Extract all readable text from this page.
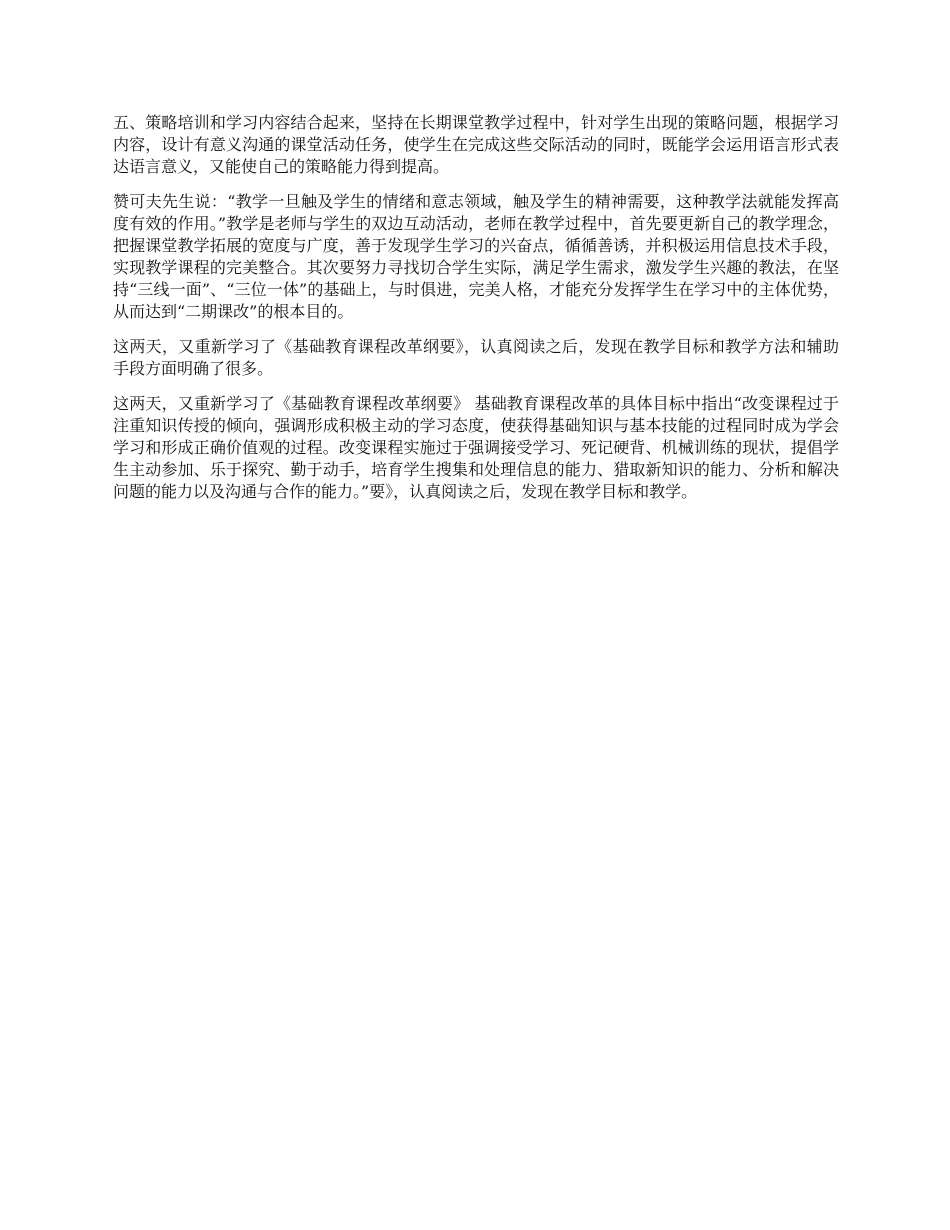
五、策略培训和学习内容结合起来，坚持在长期课堂教学过程中，针对学生出现的策略问题，根据学习内容，设计有意义沟通的课堂活动任务，使学生在完成这些交际活动的同时，既能学会运用语言形式表达语言意义，又能使自己的策略能力得到提高。

赞可夫先生说：“教学一旦触及学生的情绪和意志领域，触及学生的精神需要，这种教学法就能发挥高度有效的作用。”教学是老师与学生的双边互动活动，老师在教学过程中，首先要更新自己的教学理念，把握课堂教学拓展的宽度与广度，善于发现学生学习的兴奋点，循循善诱，并积极运用信息技术手段，实现教学课程的完美整合。其次要努力寻找切合学生实际，满足学生需求，激发学生兴趣的教法，在坚持“三线一面”、“三位一体”的基础上，与时俱进，完美人格，才能充分发挥学生在学习中的主体优势，从而达到“二期课改”的根本目的。

这两天，又重新学习了《基础教育课程改革纲要》，认真阅读之后，发现在教学目标和教学方法和辅助手段方面明确了很多。

这两天，又重新学习了《基础教育课程改革纲要》 基础教育课程改革的具体目标中指出“改变课程过于注重知识传授的倾向，强调形成积极主动的学习态度，使获得基础知识与基本技能的过程同时成为学会学习和形成正确价值观的过程。改变课程实施过于强调接受学习、死记硬背、机械训练的现状，提倡学生主动参加、乐于探究、勤于动手，培育学生搜集和处理信息的能力、猎取新知识的能力、分析和解决问题的能力以及沟通与合作的能力。”要》，认真阅读之后，发现在教学目标和教学。
